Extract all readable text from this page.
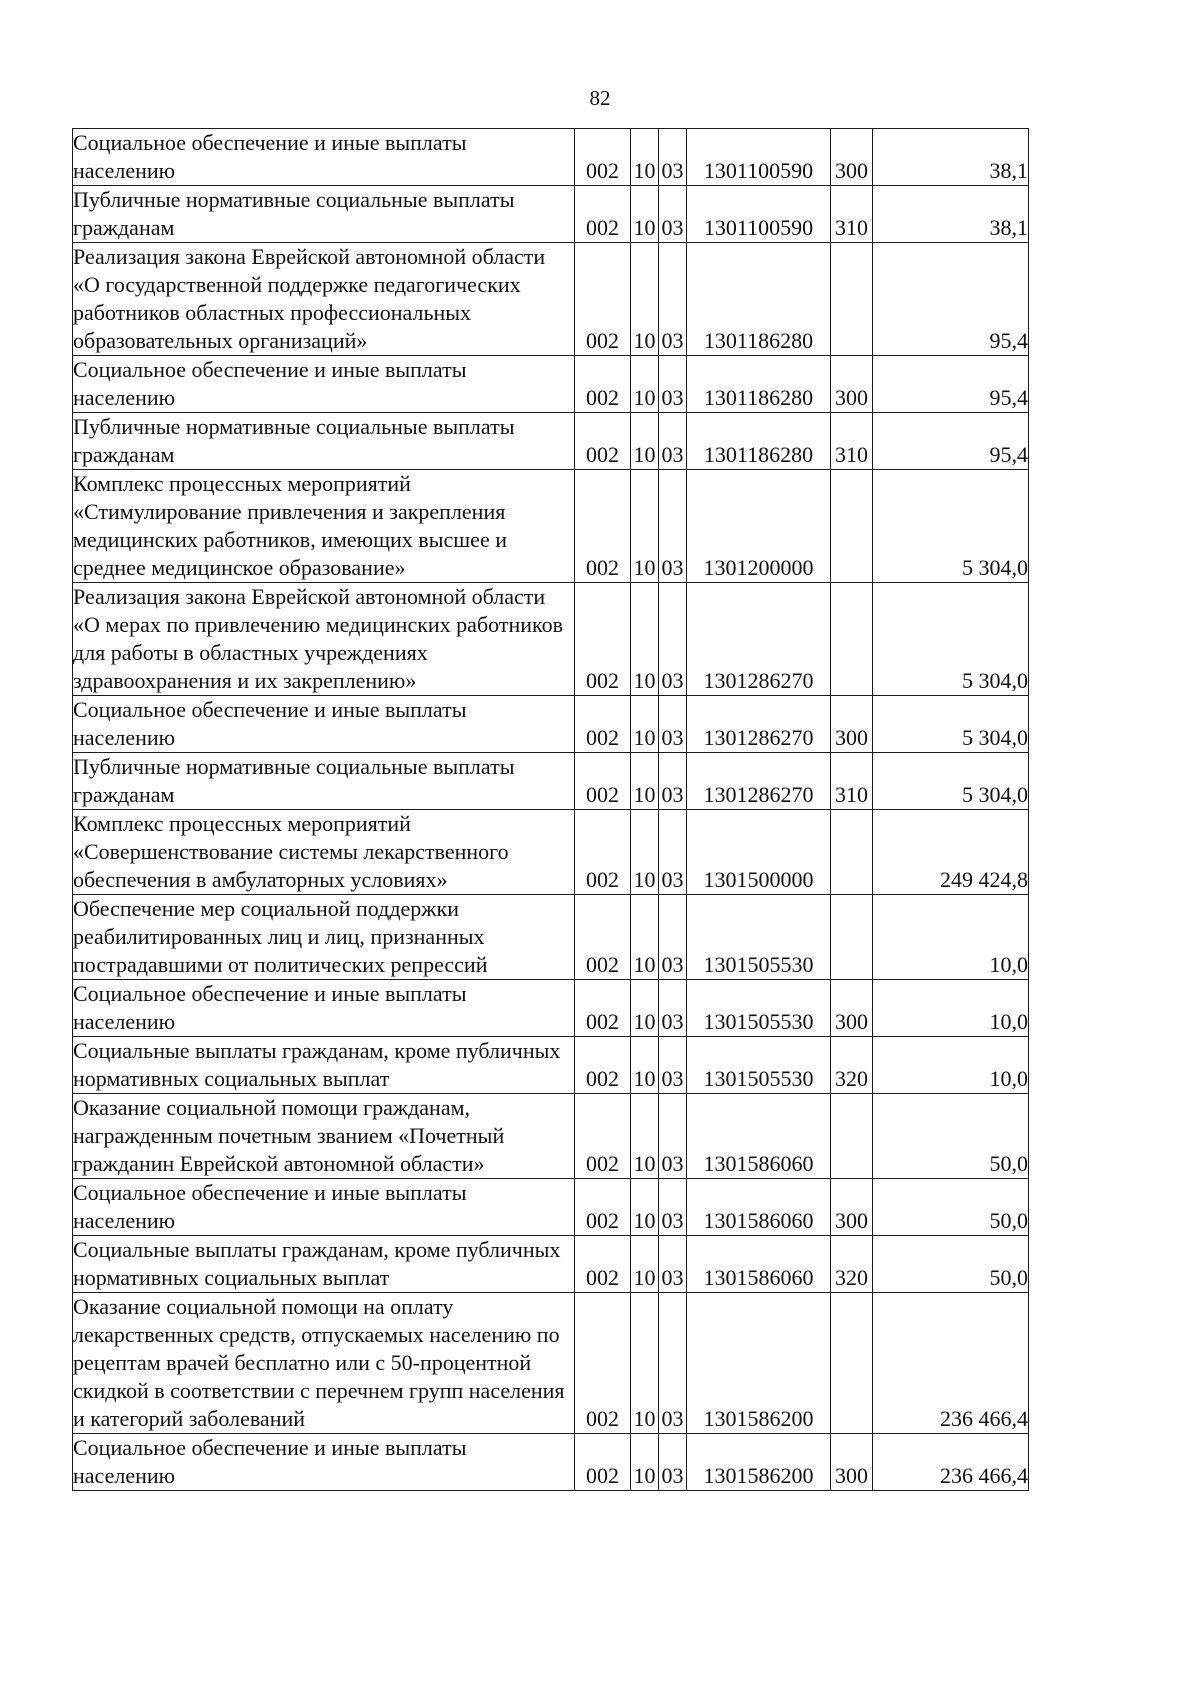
82
Социальное обеспечение и иные выплаты населению	002	10	03	1301100590	300	38,1
Публичные нормативные социальные выплаты гражданам	002	10	03	1301100590	310	38,1
Реализация закона Еврейской автономной области «О государственной поддержке педагогических работников областных профессиональных образовательных организаций»	002	10	03	1301186280		95,4
Социальное обеспечение и иные выплаты населению	002	10	03	1301186280	300	95,4
Публичные нормативные социальные выплаты гражданам	002	10	03	1301186280	310	95,4
Комплекс процессных мероприятий «Стимулирование привлечения и закрепления медицинских работников, имеющих высшее и среднее медицинское образование»	002	10	03	1301200000		5 304,0
Реализация закона Еврейской автономной области «О мерах по привлечению медицинских работников для работы в областных учреждениях здравоохранения и их закреплению»	002	10	03	1301286270		5 304,0
Социальное обеспечение и иные выплаты населению	002	10	03	1301286270	300	5 304,0
Публичные нормативные социальные выплаты гражданам	002	10	03	1301286270	310	5 304,0
Комплекс процессных мероприятий «Совершенствование системы лекарственного обеспечения в амбулаторных условиях»	002	10	03	1301500000		249 424,8
Обеспечение мер социальной поддержки реабилитированных лиц и лиц, признанных пострадавшими от политических репрессий	002	10	03	1301505530		10,0
Социальное обеспечение и иные выплаты населению	002	10	03	1301505530	300	10,0
Социальные выплаты гражданам, кроме публичных нормативных социальных выплат	002	10	03	1301505530	320	10,0
Оказание социальной помощи гражданам, награжденным почетным званием «Почетный гражданин Еврейской автономной области»	002	10	03	1301586060		50,0
Социальное обеспечение и иные выплаты населению	002	10	03	1301586060	300	50,0
Социальные выплаты гражданам, кроме публичных нормативных социальных выплат	002	10	03	1301586060	320	50,0
Оказание социальной помощи на оплату лекарственных средств, отпускаемых населению по рецептам врачей бесплатно или с 50-процентной скидкой в соответствии с перечнем групп населения и категорий заболеваний	002	10	03	1301586200		236 466,4
Социальное обеспечение и иные выплаты населению	002	10	03	1301586200	300	236 466,4
